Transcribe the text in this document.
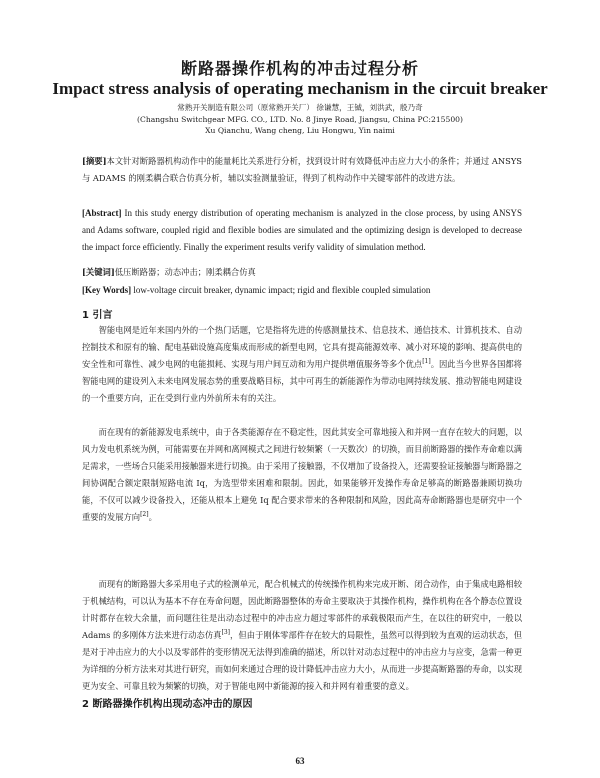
断路器操作机构的冲击过程分析
Impact stress analysis of operating mechanism in the circuit breaker
常熟开关制造有限公司（原常熟开关厂） 徐谦慧，王铖，刘洪武，殷乃奇
(Changshu Switchgear MFG. CO., LTD. No. 8 Jinye Road, Jiangsu, China PC:215500)
Xu Qianchu, Wang cheng, Liu Hongwu, Yin naimi
[摘要]本文针对断路器机构动作中的能量耗比关系进行分析，找到设计时有效降低冲击应力大小的条件；并通过 ANSYS 与 ADAMS 的刚柔耦合联合仿真分析，辅以实验测量验证，得到了机构动作中关键零部件的改进方法。
[Abstract] In this study energy distribution of operating mechanism is analyzed in the close process, by using ANSYS and Adams software, coupled rigid and flexible bodies are simulated and the optimizing design is developed to decrease the impact force efficiently. Finally the experiment results verify validity of simulation method.
[关键词]低压断路器；动态冲击；刚柔耦合仿真
[Key Words] low-voltage circuit breaker, dynamic impact; rigid and flexible coupled simulation
1 引言
智能电网是近年来国内外的一个热门话题，它是指将先进的传感测量技术、信息技术、通信技术、计算机技术、自动控制技术和原有的输、配电基础设施高度集成而形成的新型电网，它具有提高能源效率、减小对环境的影响、提高供电的安全性和可靠性、减少电网的电能损耗、实现与用户间互动和为用户提供增值服务等多个优点[1]。因此当今世界各国都将智能电网的建设列入未来电网发展态势的重要战略目标，其中可再生的新能源作为带动电网持续发展、推动智能电网建设的一个重要方向，正在受到行业内外前所未有的关注。
而在现有的新能源发电系统中，由于各类能源存在不稳定性，因此其安全可靠地接入和并网一直存在较大的问题，以风力发电机系统为例，可能需要在并网和离网模式之间进行较频繁（一天数次）的切换，而目前断路器的操作寿命难以满足需求，一些场合只能采用接触器来进行切换。由于采用了接触器，不仅增加了设备投入，还需要验证接触器与断路器之间协调配合额定限制短路电流 Iq，为选型带来困难和限制。因此，如果能够开发操作寿命足够高的断路器兼顾切换功能，不仅可以减少设备投入，还能从根本上避免 Iq 配合要求带来的各种限制和风险，因此高寿命断路器也是研究中一个重要的发展方向[2]。
而现有的断路器大多采用电子式的检测单元，配合机械式的传统操作机构来完成开断、闭合动作，由于集成电路相较于机械结构，可以认为基本不存在寿命问题，因此断路器整体的寿命主要取决于其操作机构，操作机构在各个静态位置设计时都存在较大余量，而问题往往是出动态过程中的冲击应力超过零部件的承载极限而产生，在以往的研究中，一般以 Adams 的多刚体方法来进行动态仿真[3]，但由于刚体零部件存在较大的局限性，虽然可以得到较为直观的运动状态，但是对于冲击应力的大小以及零部件的变形情况无法得到准确的描述，所以针对动态过程中的冲击应力与应变，急需一种更为详细的分析方法来对其进行研究，而如何来通过合理的设计降低冲击应力大小，从而进一步提高断路器的寿命，以实现更为安全、可靠且较为频繁的切换，对于智能电网中新能源的接入和并网有着重要的意义。
2 断路器操作机构出现动态冲击的原因
63
